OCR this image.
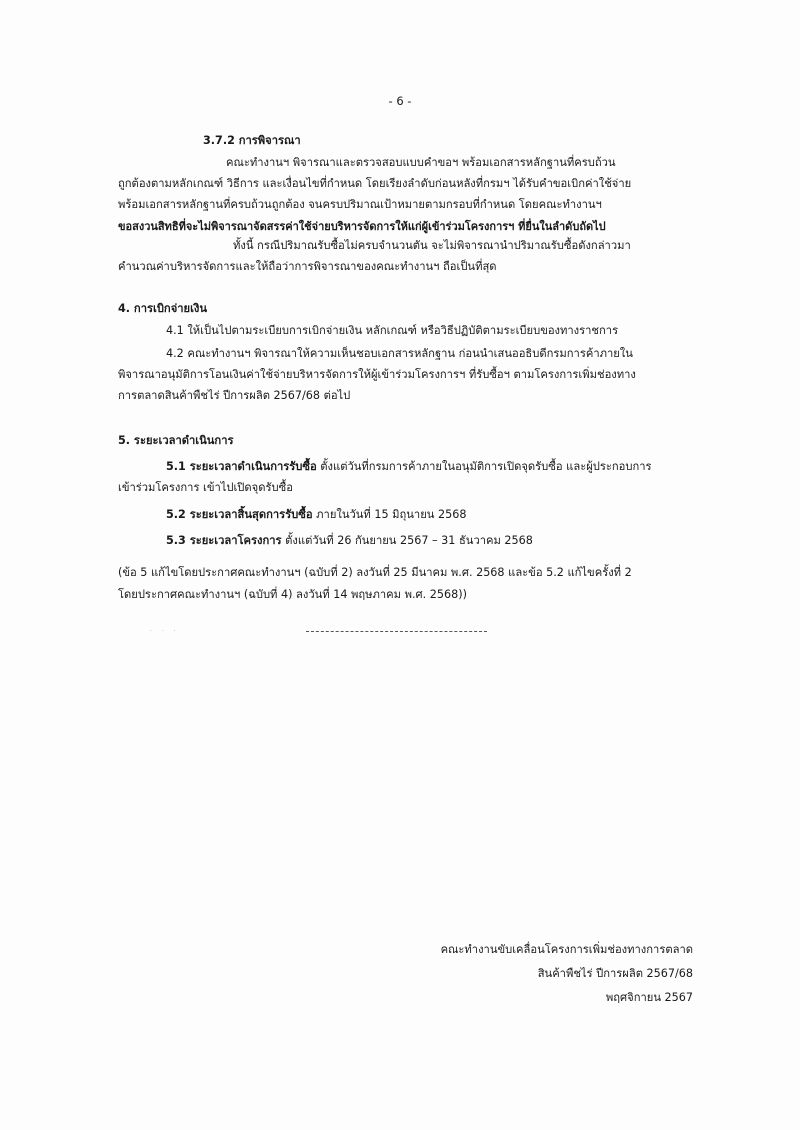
- 6 -
3.7.2 การพิจารณา
คณะทำงานฯ พิจารณาและตรวจสอบแบบคำขอฯ พร้อมเอกสารหลักฐานที่ครบถ้วน
ถูกต้องตามหลักเกณฑ์ วิธีการ และเงื่อนไขที่กำหนด โดยเรียงลำดับก่อนหลังที่กรมฯ ได้รับคำขอเบิกค่าใช้จ่าย
พร้อมเอกสารหลักฐานที่ครบถ้วนถูกต้อง จนครบปริมาณเป้าหมายตามกรอบที่กำหนด โดยคณะทำงานฯ
ขอสงวนสิทธิที่จะไม่พิจารณาจัดสรรค่าใช้จ่ายบริหารจัดการให้แก่ผู้เข้าร่วมโครงการฯ ที่ยื่นในลำดับถัดไป
ทั้งนี้ กรณีปริมาณรับซื้อไม่ครบจำนวนตัน จะไม่พิจารณานำปริมาณรับซื้อดังกล่าวมา
คำนวณค่าบริหารจัดการและให้ถือว่าการพิจารณาของคณะทำงานฯ ถือเป็นที่สุด
4. การเบิกจ่ายเงิน
4.1 ให้เป็นไปตามระเบียบการเบิกจ่ายเงิน หลักเกณฑ์ หรือวิธีปฏิบัติตามระเบียบของทางราชการ
4.2 คณะทำงานฯ พิจารณาให้ความเห็นชอบเอกสารหลักฐาน ก่อนนำเสนออธิบดีกรมการค้าภายใน
พิจารณาอนุมัติการโอนเงินค่าใช้จ่ายบริหารจัดการให้ผู้เข้าร่วมโครงการฯ ที่รับซื้อฯ ตามโครงการเพิ่มช่องทาง
การตลาดสินค้าพืชไร่ ปีการผลิต 2567/68 ต่อไป
5. ระยะเวลาดำเนินการ
5.1 ระยะเวลาดำเนินการรับซื้อ ตั้งแต่วันที่กรมการค้าภายในอนุมัติการเปิดจุดรับซื้อ และผู้ประกอบการ
เข้าร่วมโครงการ เข้าไปเปิดจุดรับซื้อ
5.2 ระยะเวลาสิ้นสุดการรับซื้อ ภายในวันที่ 15 มิถุนายน 2568
5.3 ระยะเวลาโครงการ ตั้งแต่วันที่ 26 กันยายน 2567 – 31 ธันวาคม 2568
(ข้อ 5 แก้ไขโดยประกาศคณะทำงานฯ (ฉบับที่ 2) ลงวันที่ 25 มีนาคม พ.ศ. 2568 และข้อ 5.2 แก้ไขครั้งที่ 2
โดยประกาศคณะทำงานฯ (ฉบับที่ 4) ลงวันที่ 14 พฤษภาคม พ.ศ. 2568))
· · ·
คณะทำงานขับเคลื่อนโครงการเพิ่มช่องทางการตลาด
สินค้าพืชไร่ ปีการผลิต 2567/68
พฤศจิกายน 2567
